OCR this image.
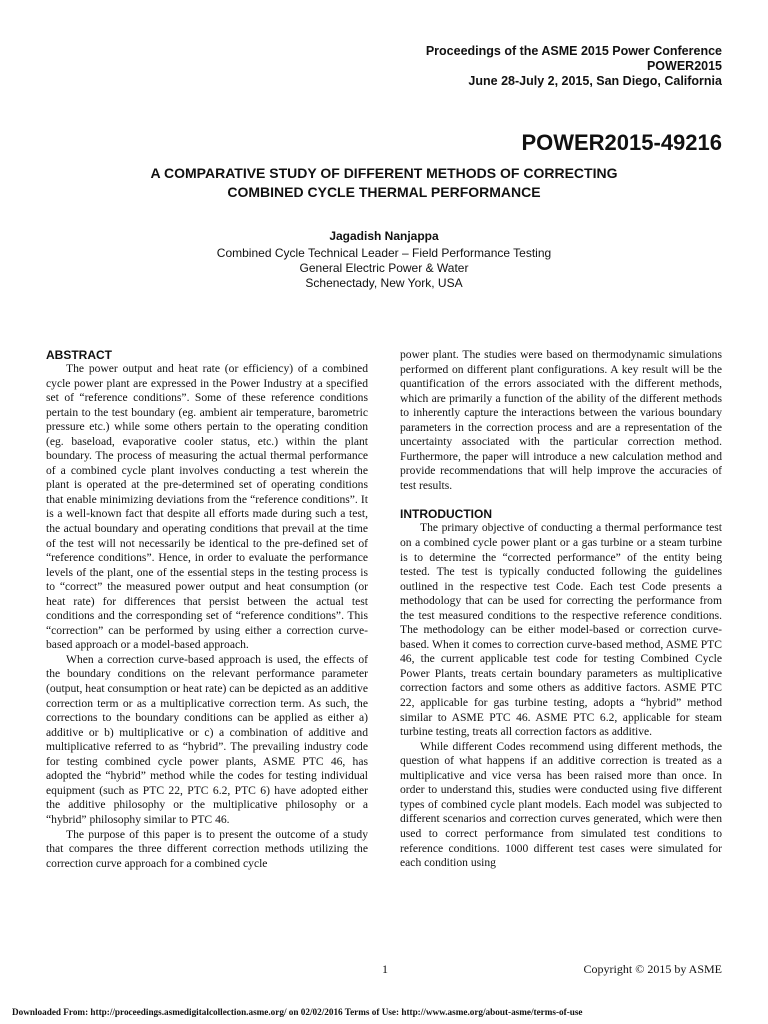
Proceedings of the ASME 2015 Power Conference
POWER2015
June 28-July 2, 2015, San Diego, California
POWER2015-49216
A COMPARATIVE STUDY OF DIFFERENT METHODS OF CORRECTING
COMBINED CYCLE THERMAL PERFORMANCE
Jagadish Nanjappa
Combined Cycle Technical Leader – Field Performance Testing
General Electric Power & Water
Schenectady, New York, USA
ABSTRACT

The power output and heat rate (or efficiency) of a combined cycle power plant are expressed in the Power Industry at a specified set of “reference conditions”. Some of these reference conditions pertain to the test boundary (eg. ambient air temperature, barometric pressure etc.) while some others pertain to the operating condition (eg. baseload, evaporative cooler status, etc.) within the plant boundary. The process of measuring the actual thermal performance of a combined cycle plant involves conducting a test wherein the plant is operated at the pre-determined set of operating conditions that enable minimizing deviations from the “reference conditions”. It is a well-known fact that despite all efforts made during such a test, the actual boundary and operating conditions that prevail at the time of the test will not necessarily be identical to the pre-defined set of “reference conditions”. Hence, in order to evaluate the performance levels of the plant, one of the essential steps in the testing process is to “correct” the measured power output and heat consumption (or heat rate) for differences that persist between the actual test conditions and the corresponding set of “reference conditions”. This “correction” can be performed by using either a correction curve-based approach or a model-based approach.

When a correction curve-based approach is used, the effects of the boundary conditions on the relevant performance parameter (output, heat consumption or heat rate) can be depicted as an additive correction term or as a multiplicative correction term. As such, the corrections to the boundary conditions can be applied as either a) additive or b) multiplicative or c) a combination of additive and multiplicative referred to as “hybrid”. The prevailing industry code for testing combined cycle power plants, ASME PTC 46, has adopted the “hybrid” method while the codes for testing individual equipment (such as PTC 22, PTC 6.2, PTC 6) have adopted either the additive philosophy or the multiplicative philosophy or a “hybrid” philosophy similar to PTC 46.

The purpose of this paper is to present the outcome of a study that compares the three different correction methods utilizing the correction curve approach for a combined cycle

power plant. The studies were based on thermodynamic simulations performed on different plant configurations. A key result will be the quantification of the errors associated with the different methods, which are primarily a function of the ability of the different methods to inherently capture the interactions between the various boundary parameters in the correction process and are a representation of the uncertainty associated with the particular correction method. Furthermore, the paper will introduce a new calculation method and provide recommendations that will help improve the accuracies of test results.

INTRODUCTION

The primary objective of conducting a thermal performance test on a combined cycle power plant or a gas turbine or a steam turbine is to determine the “corrected performance” of the entity being tested. The test is typically conducted following the guidelines outlined in the respective test Code. Each test Code presents a methodology that can be used for correcting the performance from the test measured conditions to the respective reference conditions. The methodology can be either model-based or correction curve-based. When it comes to correction curve-based method, ASME PTC 46, the current applicable test code for testing Combined Cycle Power Plants, treats certain boundary parameters as multiplicative correction factors and some others as additive factors. ASME PTC 22, applicable for gas turbine testing, adopts a “hybrid” method similar to ASME PTC 46. ASME PTC 6.2, applicable for steam turbine testing, treats all correction factors as additive.

While different Codes recommend using different methods, the question of what happens if an additive correction is treated as a multiplicative and vice versa has been raised more than once. In order to understand this, studies were conducted using five different types of combined cycle plant models. Each model was subjected to different scenarios and correction curves generated, which were then used to correct performance from simulated test conditions to reference conditions. 1000 different test cases were simulated for each condition using

1	Copyright © 2015 by ASME
Downloaded From: http://proceedings.asmedigitalcollection.asme.org/ on 02/02/2016 Terms of Use: http://www.asme.org/about-asme/terms-of-use
